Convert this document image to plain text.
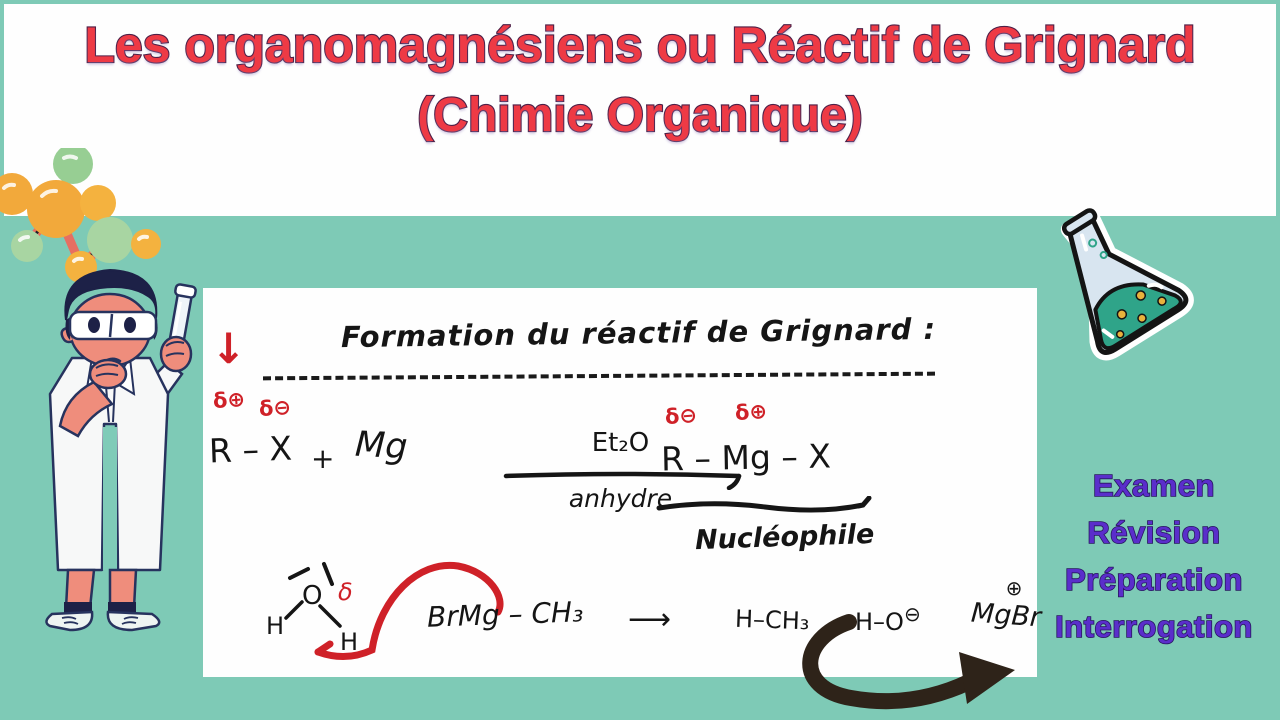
Les organomagnésiens ou Réactif de Grignard
(Chimie Organique)
Formation du réactif de Grignard :
↓
δ⊕ δ⊖
R – X + Mg	Et₂O
anhydre
δ⊖ δ⊕
R – Mg – X
Nucléophile
H
O δ
H
BrMg – CH₃ ⟶	H–CH₃ H–O⊖
⊕
MgBr
Examen
Révision
Préparation
Interrogation
